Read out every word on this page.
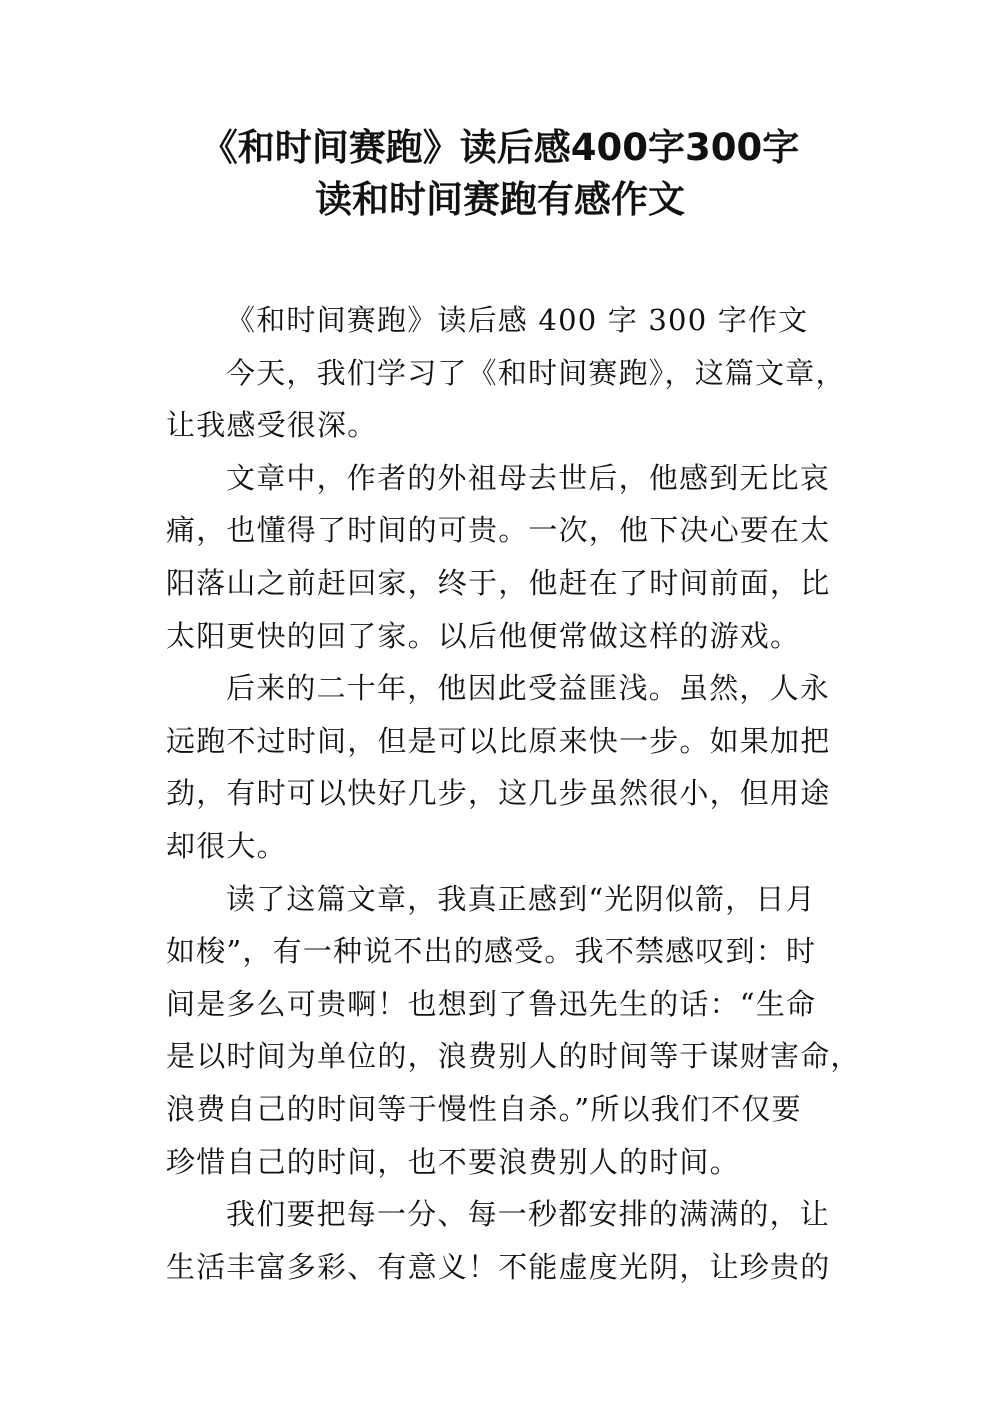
《和时间赛跑》读后感400字300字
读和时间赛跑有感作文
《和时间赛跑》读后感 400 字 300 字作文
今天，我们学习了《和时间赛跑》，这篇文章，
让我感受很深。
文章中，作者的外祖母去世后，他感到无比哀
痛，也懂得了时间的可贵。一次，他下决心要在太
阳落山之前赶回家，终于，他赶在了时间前面，比
太阳更快的回了家。以后他便常做这样的游戏。
后来的二十年，他因此受益匪浅。虽然，人永
远跑不过时间，但是可以比原来快一步。如果加把
劲，有时可以快好几步，这几步虽然很小，但用途
却很大。
读了这篇文章，我真正感到“光阴似箭，日月
如梭”，有一种说不出的感受。我不禁感叹到：时
间是多么可贵啊！也想到了鲁迅先生的话：“生命
是以时间为单位的，浪费别人的时间等于谋财害命，
浪费自己的时间等于慢性自杀。”所以我们不仅要
珍惜自己的时间，也不要浪费别人的时间。
我们要把每一分、每一秒都安排的满满的，让
生活丰富多彩、有意义！不能虚度光阴，让珍贵的
